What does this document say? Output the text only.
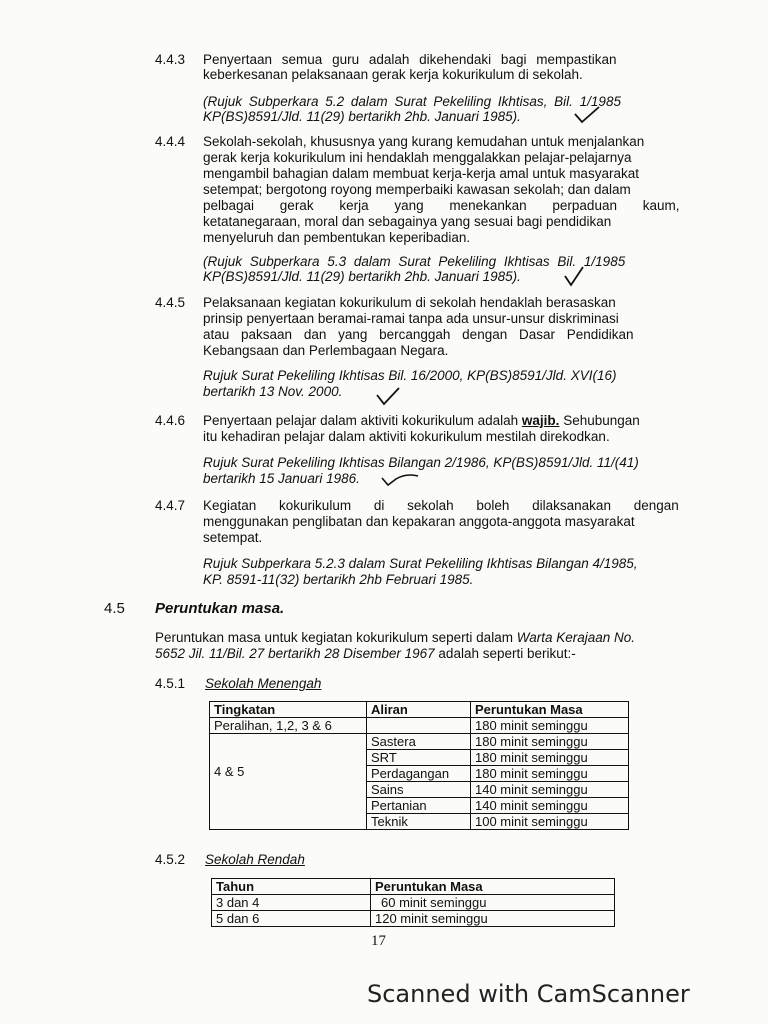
4.4.3 Penyertaan semua guru adalah dikehendaki bagi mempastikan
keberkesanan pelaksanaan gerak kerja kokurikulum di sekolah.
(Rujuk Subperkara 5.2 dalam Surat Pekeliling Ikhtisas, Bil. 1/1985
KP(BS)8591/Jld. 11(29) bertarikh 2hb. Januari 1985).
4.4.4 Sekolah-sekolah, khususnya yang kurang kemudahan untuk menjalankan
gerak kerja kokurikulum ini hendaklah menggalakkan pelajar-pelajarnya
mengambil bahagian dalam membuat kerja-kerja amal untuk masyarakat
setempat; bergotong royong memperbaiki kawasan sekolah; dan dalam
pelbagai gerak kerja yang menekankan perpaduan kaum,
ketatanegaraan, moral dan sebagainya yang sesuai bagi pendidikan
menyeluruh dan pembentukan keperibadian.
(Rujuk Subperkara 5.3 dalam Surat Pekeliling Ikhtisas Bil. 1/1985
KP(BS)8591/Jld. 11(29) bertarikh 2hb. Januari 1985).
4.4.5 Pelaksanaan kegiatan kokurikulum di sekolah hendaklah berasaskan
prinsip penyertaan beramai-ramai tanpa ada unsur-unsur diskriminasi
atau paksaan dan yang bercanggah dengan Dasar Pendidikan
Kebangsaan dan Perlembagaan Negara.
Rujuk Surat Pekeliling Ikhtisas Bil. 16/2000, KP(BS)8591/Jld. XVI(16)
bertarikh 13 Nov. 2000.
4.4.6 Penyertaan pelajar dalam aktiviti kokurikulum adalah wajib. Sehubungan
itu kehadiran pelajar dalam aktiviti kokurikulum mestilah direkodkan.
Rujuk Surat Pekeliling Ikhtisas Bilangan 2/1986, KP(BS)8591/Jld. 11/(41)
bertarikh 15 Januari 1986.
4.4.7 Kegiatan kokurikulum di sekolah boleh dilaksanakan dengan
menggunakan penglibatan dan kepakaran anggota-anggota masyarakat
setempat.
Rujuk Subperkara 5.2.3 dalam Surat Pekeliling Ikhtisas Bilangan 4/1985,
KP. 8591-11(32) bertarikh 2hb Februari 1985.
4.5 Peruntukan masa.
Peruntukan masa untuk kegiatan kokurikulum seperti dalam Warta Kerajaan No.
5652 Jil. 11/Bil. 27 bertarikh 28 Disember 1967 adalah seperti berikut:-
4.5.1 Sekolah Menengah
Tingkatan	Aliran	Peruntukan Masa
Peralihan, 1,2, 3 & 6		180 minit seminggu
4 & 5	Sastera	180 minit seminggu
	SRT	180 minit seminggu
	Perdagangan	180 minit seminggu
	Sains	140 minit seminggu
	Pertanian	140 minit seminggu
	Teknik	100 minit seminggu
4.5.2 Sekolah Rendah
Tahun	Peruntukan Masa
3 dan 4	60 minit seminggu
5 dan 6	120 minit seminggu
17
Scanned with CamScanner
